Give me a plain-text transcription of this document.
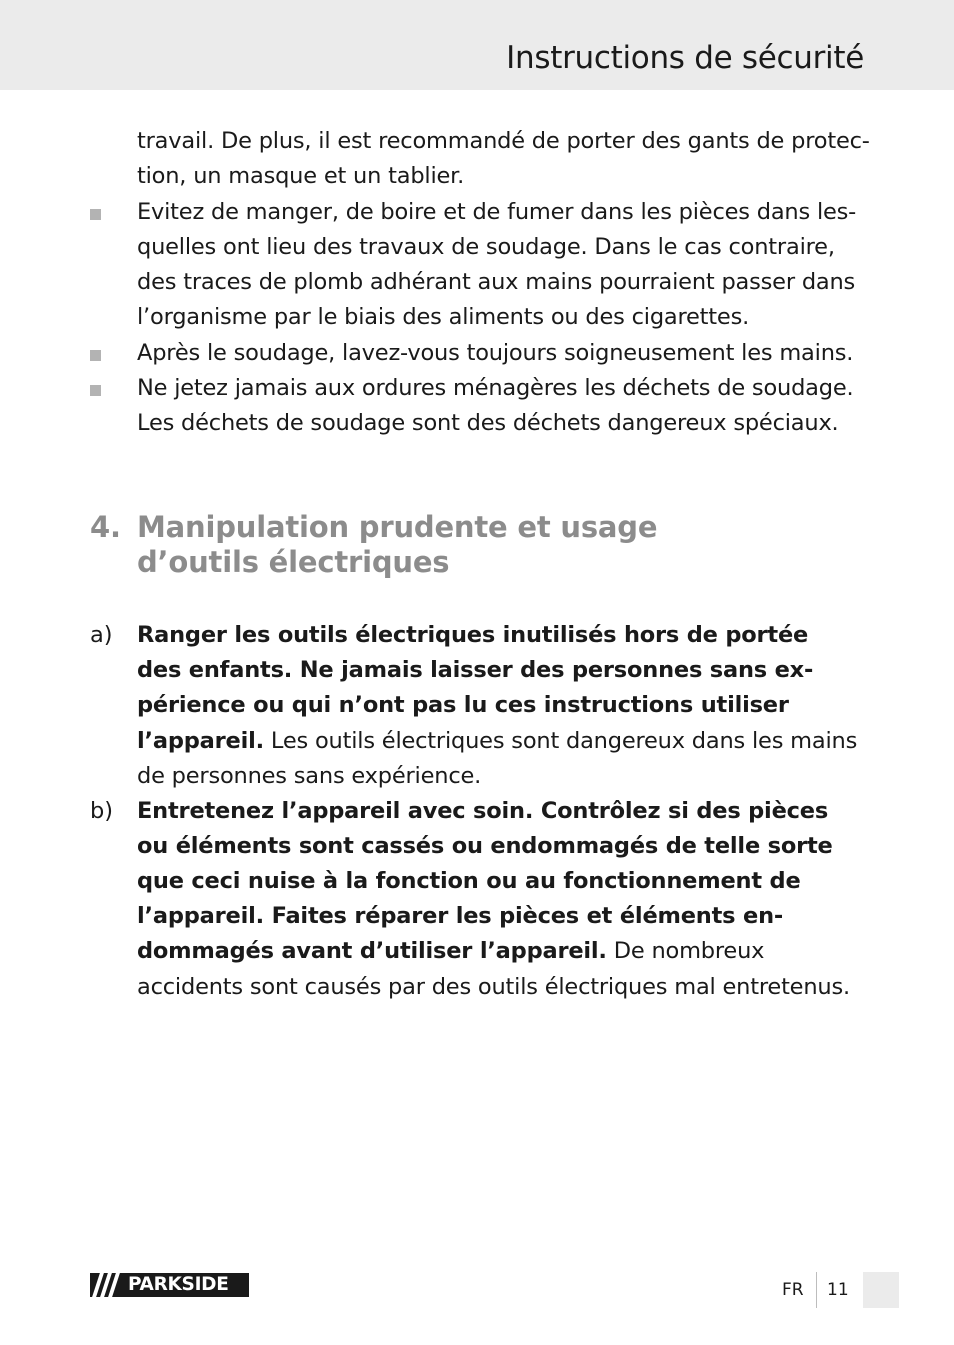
Instructions de sécurité
travail. De plus, il est recommandé de porter des gants de protec-
tion, un masque et un tablier.
Evitez de manger, de boire et de fumer dans les pièces dans les-
quelles ont lieu des travaux de soudage. Dans le cas contraire,
des traces de plomb adhérant aux mains pourraient passer dans
l’organisme par le biais des aliments ou des cigarettes.
Après le soudage, lavez-vous toujours soigneusement les mains.
Ne jetez jamais aux ordures ménagères les déchets de soudage.
Les déchets de soudage sont des déchets dangereux spéciaux.
4. Manipulation prudente et usage
d’outils électriques
a) Ranger les outils électriques inutilisés hors de portée
des enfants. Ne jamais laisser des personnes sans ex-
périence ou qui n’ont pas lu ces instructions utiliser
l’appareil. Les outils électriques sont dangereux dans les mains
de personnes sans expérience.
b) Entretenez l’appareil avec soin. Contrôlez si des pièces
ou éléments sont cassés ou endommagés de telle sorte
que ceci nuise à la fonction ou au fonctionnement de
l’appareil. Faites réparer les pièces et éléments en-
dommagés avant d’utiliser l’appareil. De nombreux
accidents sont causés par des outils électriques mal entretenus.
PARKSIDE	FR 11
